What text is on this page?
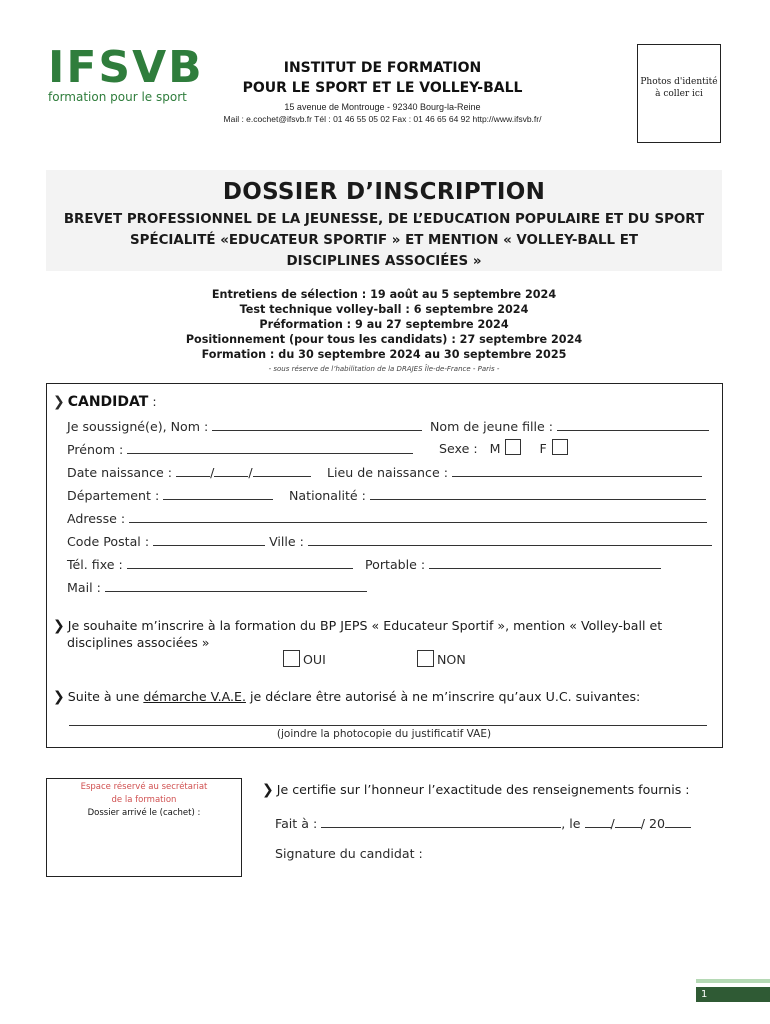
IFSVB
formation pour le sport
INSTITUT DE FORMATION
POUR LE SPORT ET LE VOLLEY-BALL
15 avenue de Montrouge - 92340 Bourg-la-Reine
Mail : e.cochet@ifsvb.fr Tél : 01 46 55 05 02 Fax : 01 46 65 64 92 http://www.ifsvb.fr/
Photos d'identité
à coller ici
DOSSIER D’INSCRIPTION
BREVET PROFESSIONNEL DE LA JEUNESSE, DE L’EDUCATION POPULAIRE ET DU SPORT
SPÉCIALITÉ «EDUCATEUR SPORTIF » ET MENTION « VOLLEY-BALL ET
DISCIPLINES ASSOCIÉES »
Entretiens de sélection : 19 août au 5 septembre 2024
Test technique volley-ball : 6 septembre 2024
Préformation : 9 au 27 septembre 2024
Positionnement (pour tous les candidats) : 27 septembre 2024
Formation : du 30 septembre 2024 au 30 septembre 2025
- sous réserve de l’habilitation de la DRAJES Île-de-France - Paris -
❯ CANDIDAT :
Je soussigné(e), Nom :	Nom de jeune fille :
Prénom :	Sexe : M	F
Date naissance :	/	/	Lieu de naissance :
Département :	Nationalité :
Adresse :
Code Postal :	Ville :
Tél. fixe :	Portable :
Mail :
❯ Je souhaite m’inscrire à la formation du BP JEPS « Educateur Sportif », mention « Volley-ball et
disciplines associées »
OUI	NON
❯ Suite à une démarche V.A.E. je déclare être autorisé à ne m’inscrire qu’aux U.C. suivantes:
(joindre la photocopie du justificatif VAE)
Espace réservé au secrétariat
de la formation
Dossier arrivé le (cachet) :
❯ Je certifie sur l’honneur l’exactitude des renseignements fournis :
Fait à :	, le / / 20
Signature du candidat :
1
